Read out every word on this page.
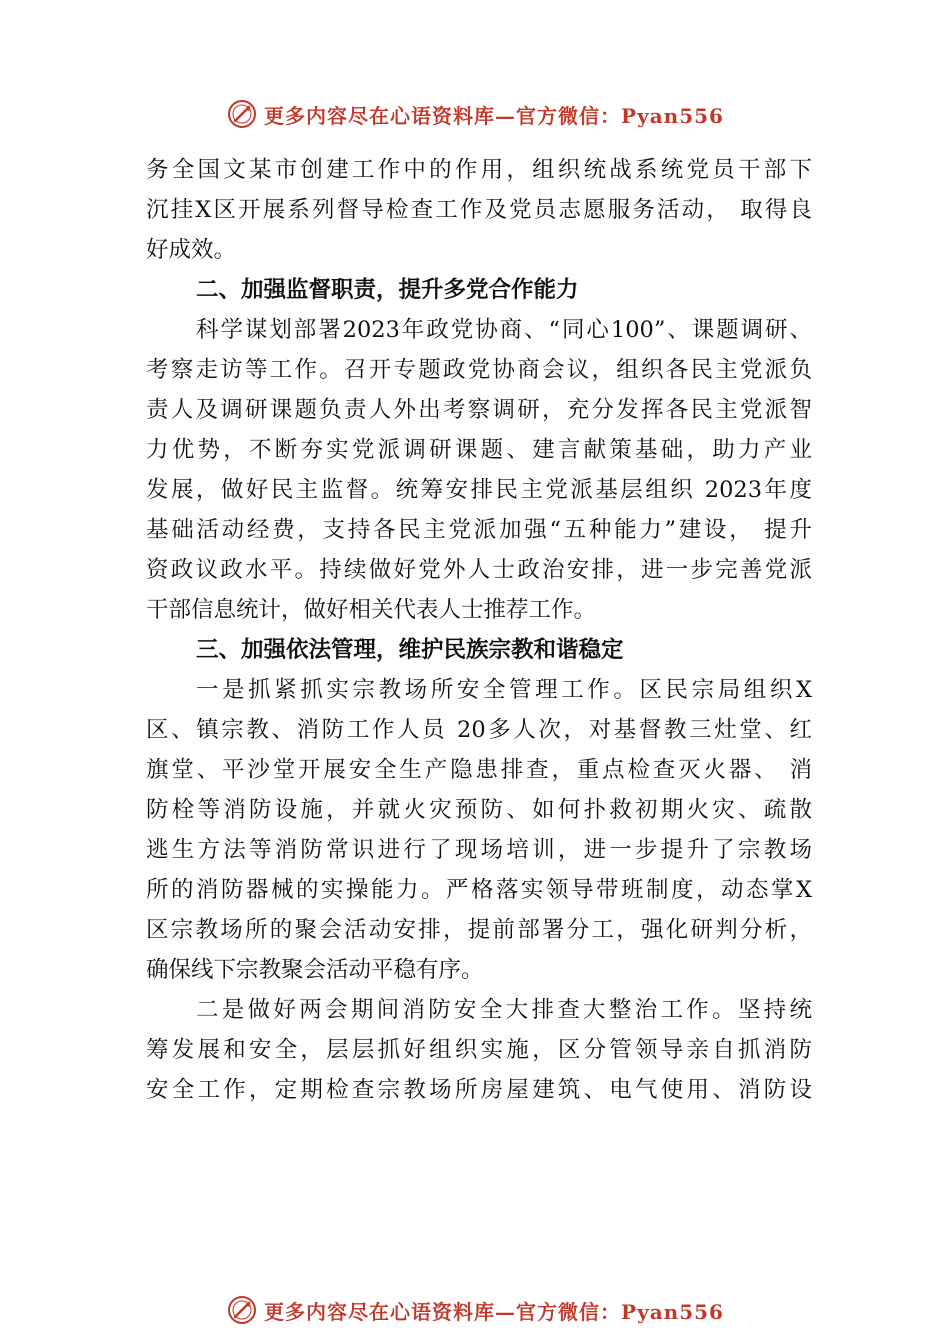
更多内容尽在心语资料库—官方微信：Pyan556
务全国文某市创建工作中的作用，组织统战系统党员干部下
沉挂X区开展系列督导检查工作及党员志愿服务活动， 取得良
好成效。
二、加强监督职责，提升多党合作能力
科学谋划部署2023年政党协商、“同心100”、课题调研、
考察走访等工作。召开专题政党协商会议，组织各民主党派负
责人及调研课题负责人外出考察调研，充分发挥各民主党派智
力优势，不断夯实党派调研课题、建言献策基础，助力产业
发展，做好民主监督。统筹安排民主党派基层组织 2023年度
基础活动经费，支持各民主党派加强“五种能力”建设， 提升
资政议政水平。持续做好党外人士政治安排，进一步完善党派
干部信息统计，做好相关代表人士推荐工作。
三、加强依法管理，维护民族宗教和谐稳定
一是抓紧抓实宗教场所安全管理工作。区民宗局组织X
区、镇宗教、消防工作人员 20多人次，对基督教三灶堂、红
旗堂、平沙堂开展安全生产隐患排查，重点检查灭火器、 消
防栓等消防设施，并就火灾预防、如何扑救初期火灾、疏散
逃生方法等消防常识进行了现场培训，进一步提升了宗教场
所的消防器械的实操能力。严格落实领导带班制度，动态掌X
区宗教场所的聚会活动安排，提前部署分工，强化研判分析，
确保线下宗教聚会活动平稳有序。
二是做好两会期间消防安全大排查大整治工作。坚持统
筹发展和安全，层层抓好组织实施，区分管领导亲自抓消防
安全工作，定期检查宗教场所房屋建筑、电气使用、消防设
更多内容尽在心语资料库—官方微信：Pyan556
